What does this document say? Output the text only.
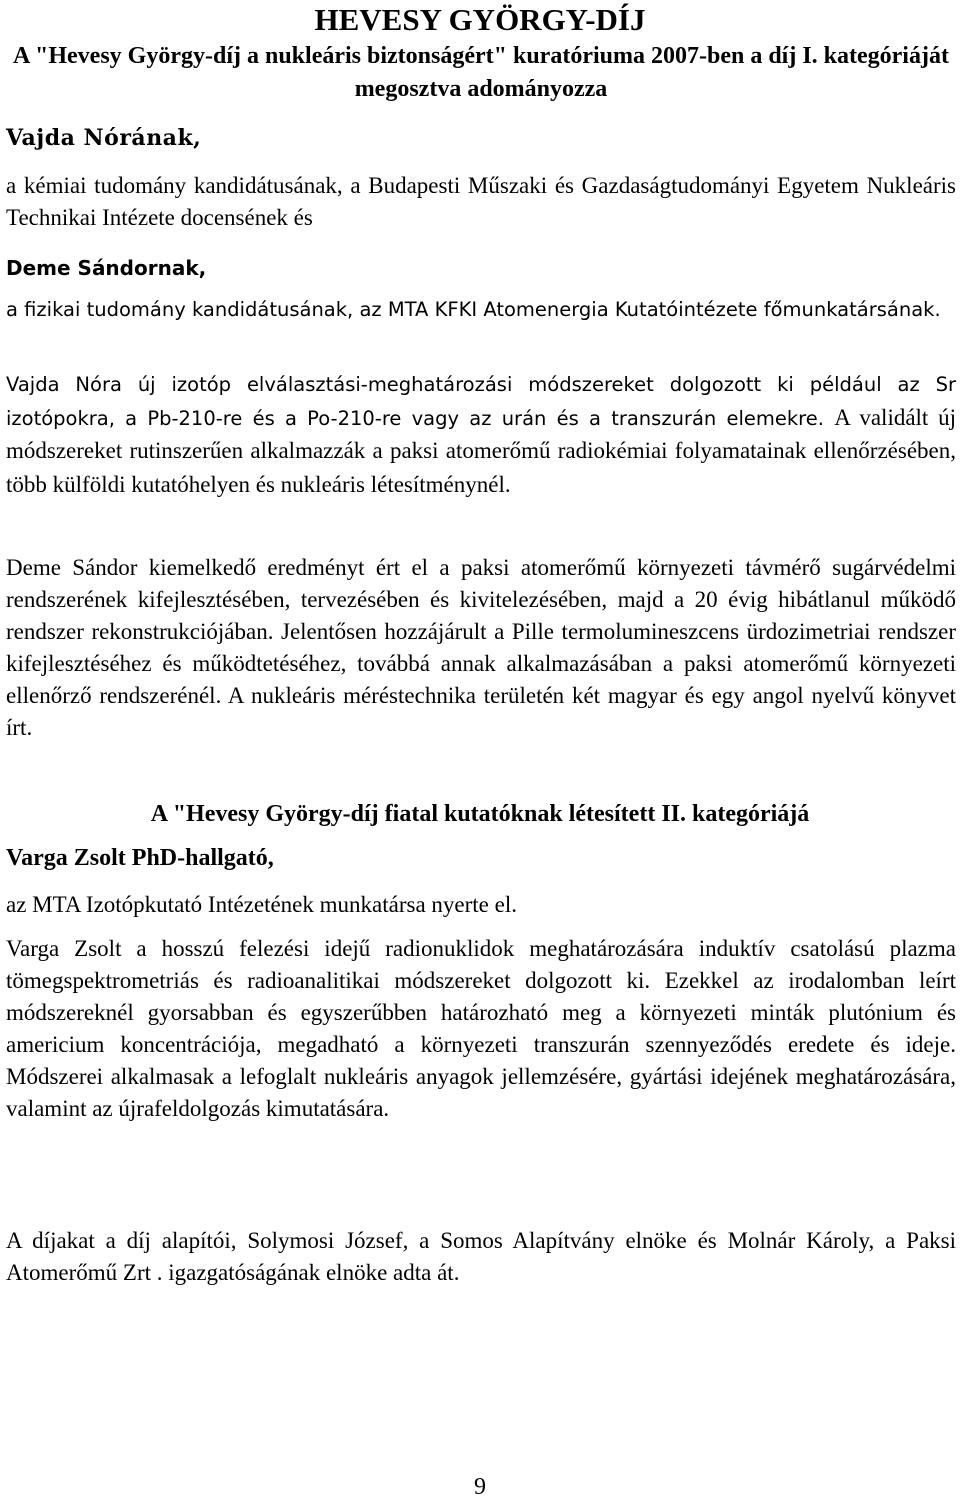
HEVESY GYÖRGY-DÍJ

A "Hevesy György-díj a nukleáris biztonságért" kuratóriuma 2007-ben a díj I. kategóriáját megosztva adományozza

Vajda Nórának,

a kémiai tudomány kandidátusának, a Budapesti Műszaki és Gazdaságtudományi Egyetem Nukleáris Technikai Intézete docensének és

Deme Sándornak,

a fizikai tudomány kandidátusának, az MTA KFKI Atomenergia Kutatóintézete főmunkatársának.

Vajda Nóra új izotóp elválasztási-meghatározási módszereket dolgozott ki például az Sr izotópokra, a Pb-210-re és a Po-210-re vagy az urán és a transzurán elemekre. A validált új módszereket rutinszerűen alkalmazzák a paksi atomerőmű radiokémiai folyamatainak ellenőrzésében, több külföldi kutatóhelyen és nukleáris létesítménynél.

Deme Sándor kiemelkedő eredményt ért el a paksi atomerőmű környezeti távmérő sugárvédelmi rendszerének kifejlesztésében, tervezésében és kivitelezésében, majd a 20 évig hibátlanul működő rendszer rekonstrukciójában. Jelentősen hozzájárult a Pille termolumineszcens ürdozimetriai rendszer kifejlesztéséhez és működtetéséhez, továbbá annak alkalmazásában a paksi atomerőmű környezeti ellenőrző rendszerénél. A nukleáris méréstechnika területén két magyar és egy angol nyelvű könyvet írt.

A "Hevesy György-díj fiatal kutatóknak létesített II. kategóriájá

Varga Zsolt PhD-hallgató,

az MTA Izotópkutató Intézetének munkatársa nyerte el.

Varga Zsolt a hosszú felezési idejű radionuklidok meghatározására induktív csatolású plazma tömegspektrometriás és radioanalitikai módszereket dolgozott ki. Ezekkel az irodalomban leírt módszereknél gyorsabban és egyszerűbben határozható meg a környezeti minták plutónium és americium koncentrációja, megadható a környezeti transzurán szennyeződés eredete és ideje. Módszerei alkalmasak a lefoglalt nukleáris anyagok jellemzésére, gyártási idejének meghatározására, valamint az újrafeldolgozás kimutatására.

A díjakat a díj alapítói, Solymosi József, a Somos Alapítvány elnöke és Molnár Károly, a Paksi Atomerőmű Zrt . igazgatóságának elnöke adta át.

9
